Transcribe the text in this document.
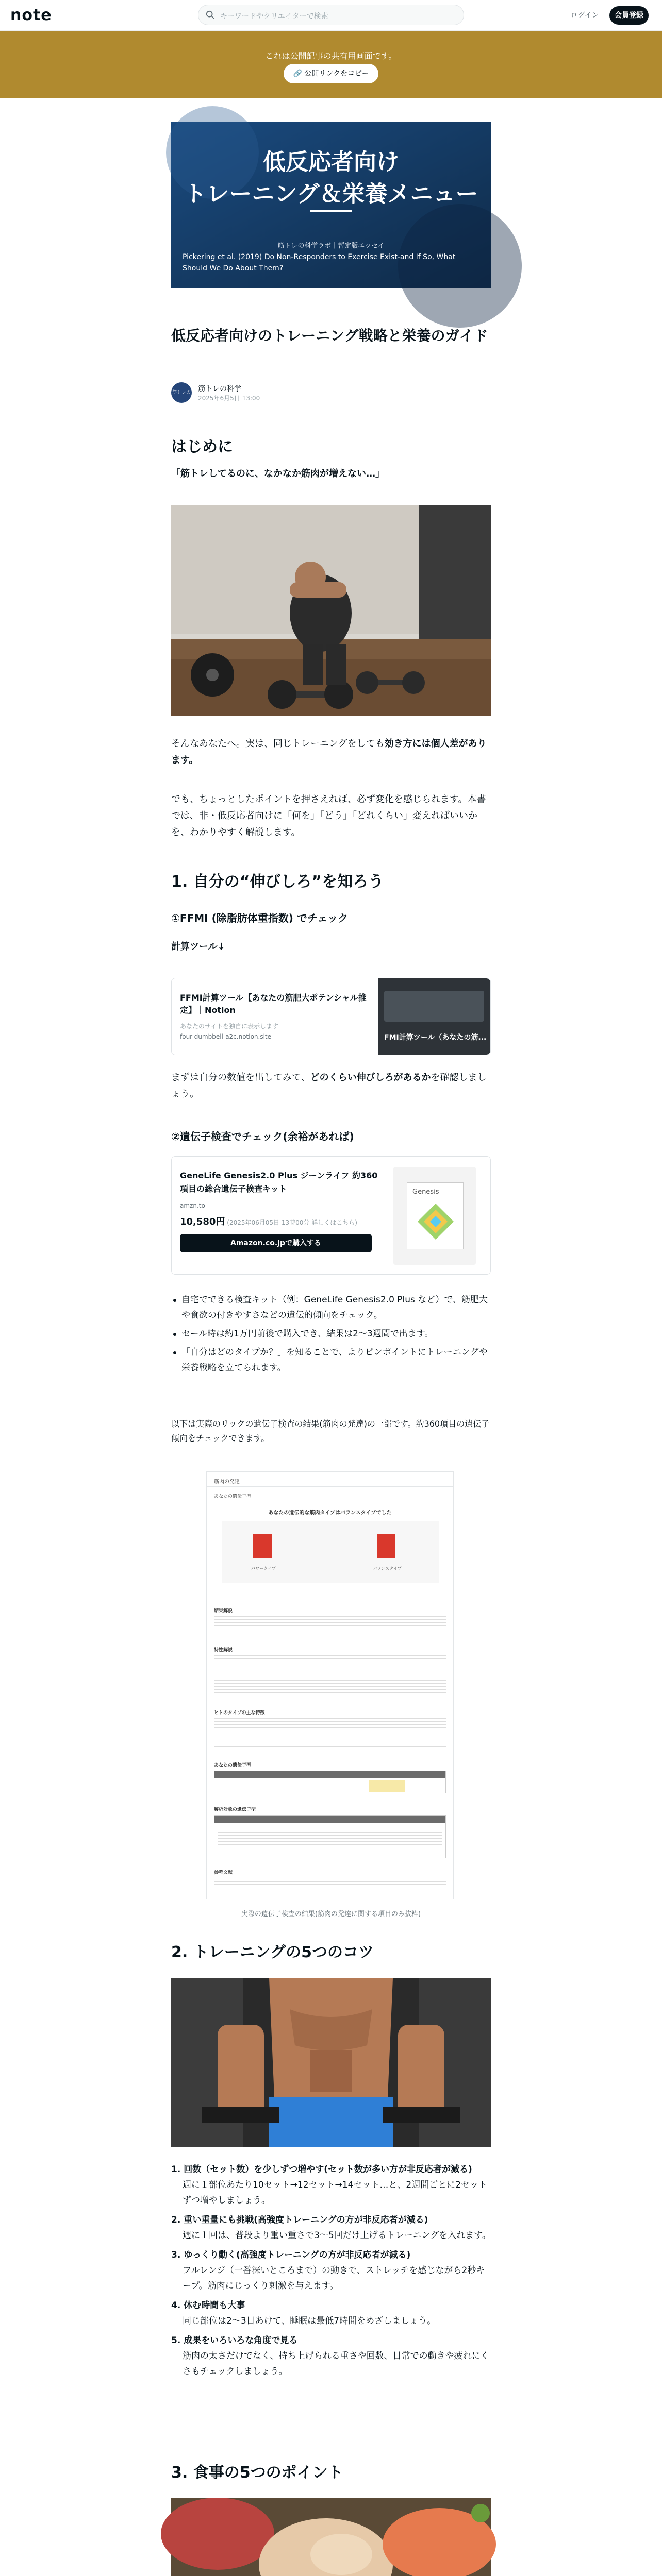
note	キーワードやクリエイターで検索	ログイン	会員登録
これは公開記事の共有用画面です。
🔗 公開リンクをコピー
低反応者向け
トレーニング＆栄養メニュー
筋トレの科学ラボ｜暫定版エッセイ
Pickering et al. (2019) Do Non-Responders to Exercise Exist-and If So, What Should We Do About Them?
低反応者向けのトレーニング戦略と栄養のガイド
筋トレの科学
筋トレの科学
2025年6月5日 13:00
はじめに
「筋トレしてるのに、なかなか筋肉が増えない…」
そんなあなたへ。実は、同じトレーニングをしても効き方には個人差があります。
でも、ちょっとしたポイントを押さえれば、必ず変化を感じられます。本書では、非・低反応者向けに「何を」「どう」「どれくらい」変えればいいかを、わかりやすく解説します。
1. 自分の“伸びしろ”を知ろう
①FFMI (除脂肪体重指数) でチェック
計算ツール↓
FFMI計算ツール【あなたの筋肥大ポテンシャル推定】｜Notion
あなたのサイトを独自に表示します
four-dumbbell-a2c.notion.site	FMI計算ツール（あなたの筋...
まずは自分の数値を出してみて、どのくらい伸びしろがあるかを確認しましょう。
②遺伝子検査でチェック(余裕があれば)
GeneLife Genesis2.0 Plus ジーンライフ 約360項目の総合遺伝子検査キット
amzn.to
10,580円 (2025年06月05日 13時00分 詳しくはこちら)
Amazon.co.jpで購入する
Genesis
自宅でできる検査キット（例：GeneLife Genesis2.0 Plus など）で、筋肥大や食欲の付きやすさなどの遺伝的傾向をチェック。
セール時は約1万円前後で購入でき、結果は2〜3週間で出ます。
「自分はどのタイプか？」を知ることで、よりピンポイントにトレーニングや栄養戦略を立てられます。
以下は実際のリックの遺伝子検査の結果(筋肉の発達)の一部です。約360項目の遺伝子傾向をチェックできます。
筋肉の発達
あなたの遺伝子型
あなたの遺伝的な筋肉タイプはバランスタイプでした
パワータイプ	バランスタイプ
結果解説
特性解説
ヒトのタイプの主な特徴
あなたの遺伝子型
解析対象の遺伝子型
参考文献
実際の遺伝子検査の結果(筋肉の発達に関する項目のみ抜粋)
2. トレーニングの5つのコツ
1. 回数（セット数）を少しずつ増やす(セット数が多い方が非反応者が減る)
週に１部位あたり10セット→12セット→14セット…と、2週間ごとに2セットずつ増やしましょう。
2. 重い重量にも挑戦(高強度トレーニングの方が非反応者が減る)
週に１回は、普段より重い重さで3〜5回だけ上げるトレーニングを入れます。
3. ゆっくり動く(高強度トレーニングの方が非反応者が減る)
フルレンジ（一番深いところまで）の動きで、ストレッチを感じながら2秒キープ。筋肉にじっくり刺激を与えます。
4. 休む時間も大事
同じ部位は2〜3日あけて、睡眠は最低7時間をめざしましょう。
5. 成果をいろいろな角度で見る
筋肉の太さだけでなく、持ち上げられる重さや回数、日常での動きや疲れにくさもチェックしましょう。
3. 食事の5つのポイント
